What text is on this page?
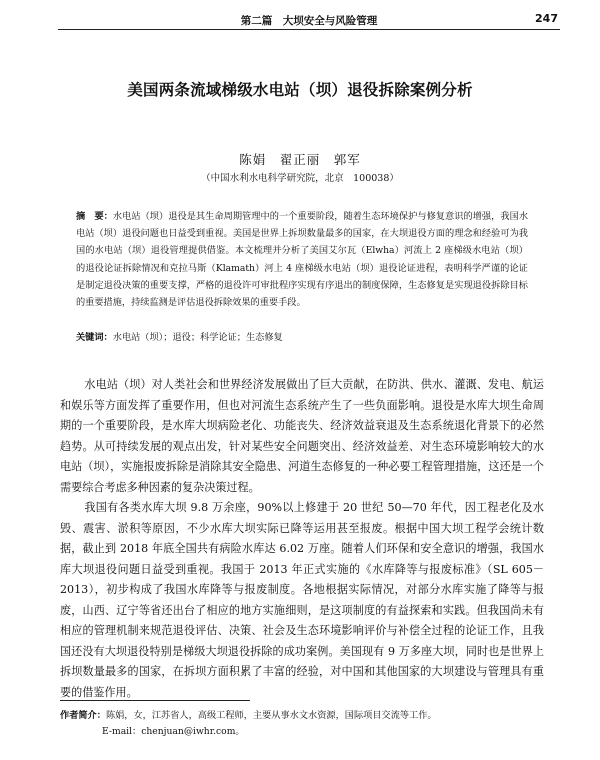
第二篇　大坝安全与风险管理	247
美国两条流域梯级水电站（坝）退役拆除案例分析
陈娟　翟正丽　郭军
（中国水利水电科学研究院，北京　100038）
摘　要：水电站（坝）退役是其生命周期管理中的一个重要阶段，随着生态环境保护与修复意识的增强，我国水电站（坝）退役问题也日益受到重视。美国是世界上拆坝数量最多的国家，在大坝退役方面的理念和经验可为我国的水电站（坝）退役管理提供借鉴。本文梳理并分析了美国艾尔瓦（Elwha）河流上 2 座梯级水电站（坝）的退役论证拆除情况和克拉马斯（Klamath）河上 4 座梯级水电站（坝）退役论证进程，表明科学严谨的论证是制定退役决策的重要支撑，严格的退役许可审批程序实现有序退出的制度保障，生态修复是实现退役拆除目标的重要措施，持续监测是评估退役拆除效果的重要手段。
关键词：水电站（坝）；退役；科学论证；生态修复

水电站（坝）对人类社会和世界经济发展做出了巨大贡献，在防洪、供水、灌溉、发电、航运和娱乐等方面发挥了重要作用，但也对河流生态系统产生了一些负面影响。退役是水库大坝生命周期的一个重要阶段，是水库大坝病险老化、功能丧失、经济效益衰退及生态系统退化背景下的必然趋势。从可持续发展的观点出发，针对某些安全问题突出、经济效益差、对生态环境影响较大的水电站（坝），实施报废拆除是消除其安全隐患、河道生态修复的一种必要工程管理措施，这还是一个需要综合考虑多种因素的复杂决策过程。

我国有各类水库大坝 9.8 万余座，90%以上修建于 20 世纪 50—70 年代，因工程老化及水毁、震害、淤积等原因，不少水库大坝实际已降等运用甚至报废。根据中国大坝工程学会统计数据，截止到 2018 年底全国共有病险水库达 6.02 万座。随着人们环保和安全意识的增强，我国水库大坝退役问题日益受到重视。我国于 2013 年正式实施的《水库降等与报废标准》（SL 605－2013），初步构成了我国水库降等与报废制度。各地根据实际情况，对部分水库实施了降等与报废，山西、辽宁等省还出台了相应的地方实施细则，是这项制度的有益探索和实践。但我国尚未有相应的管理机制来规范退役评估、决策、社会及生态环境影响评价与补偿全过程的论证工作，且我国还没有大坝退役特别是梯级大坝退役拆除的成功案例。美国现有 9 万多座大坝，同时也是世界上拆坝数量最多的国家，在拆坝方面积累了丰富的经验，对中国和其他国家的大坝建设与管理具有重要的借鉴作用。

作者简介：陈娟，女，江苏省人，高级工程师，主要从事水文水资源，国际项目交流等工作。
E-mail：chenjuan@iwhr.com。
